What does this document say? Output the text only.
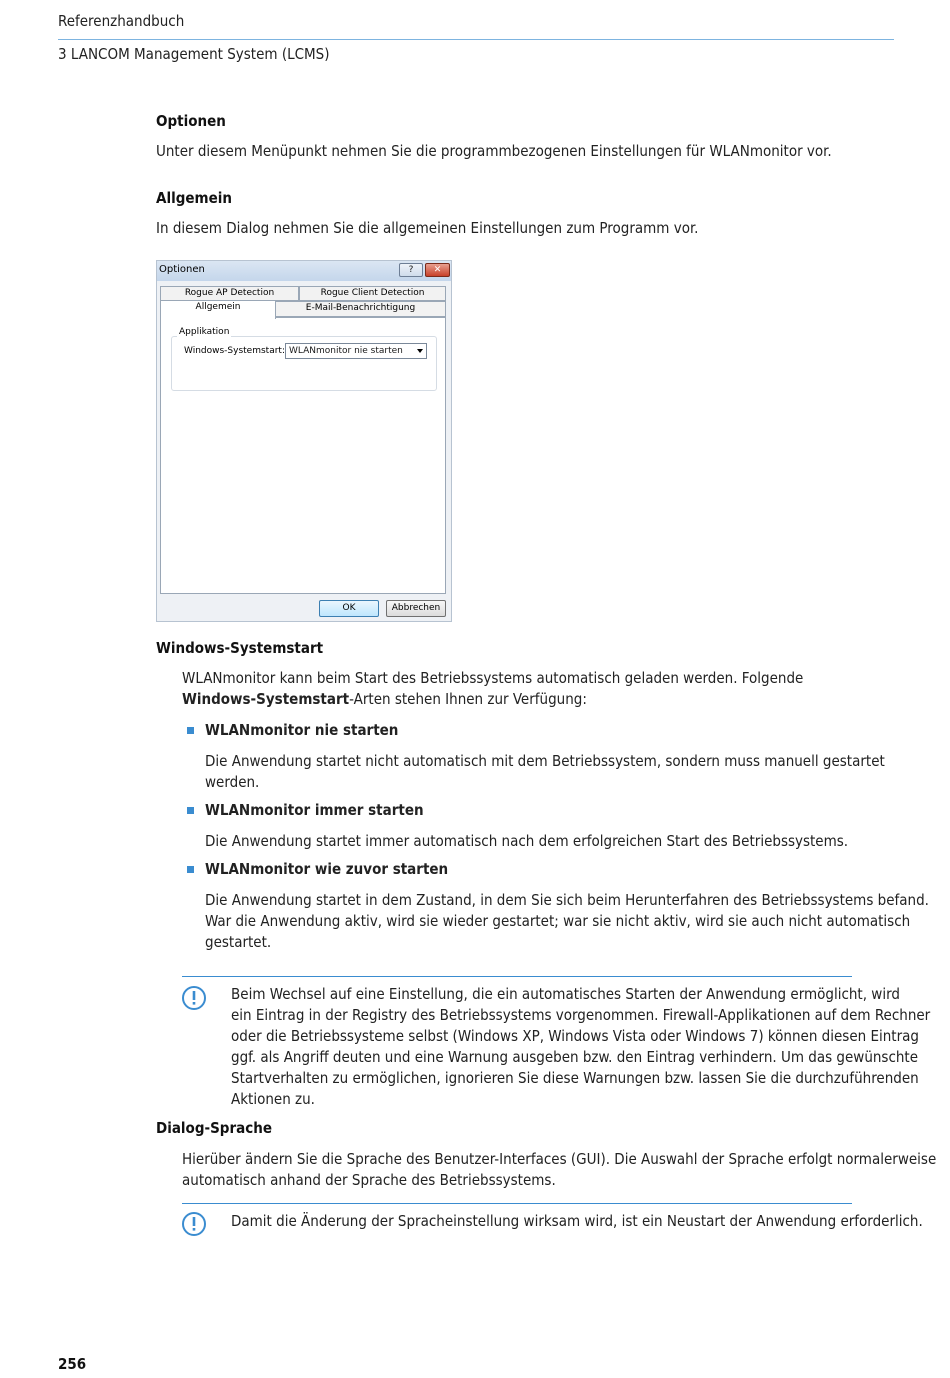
Referenzhandbuch
3 LANCOM Management System (LCMS)
Optionen
Unter diesem Menüpunkt nehmen Sie die programmbezogenen Einstellungen für WLANmonitor vor.
Allgemein
In diesem Dialog nehmen Sie die allgemeinen Einstellungen zum Programm vor.
Optionen	?	✕
Rogue AP Detection	Rogue Client Detection
E-Mail-Benachrichtigung
Allgemein
Applikation
Windows-Systemstart: WLANmonitor nie starten
OK	Abbrechen
Windows-Systemstart
WLANmonitor kann beim Start des Betriebssystems automatisch geladen werden. Folgende
Windows-Systemstart-Arten stehen Ihnen zur Verfügung:
WLANmonitor nie starten
Die Anwendung startet nicht automatisch mit dem Betriebssystem, sondern muss manuell gestartet
werden.
WLANmonitor immer starten
Die Anwendung startet immer automatisch nach dem erfolgreichen Start des Betriebssystems.
WLANmonitor wie zuvor starten
Die Anwendung startet in dem Zustand, in dem Sie sich beim Herunterfahren des Betriebssystems befand.
War die Anwendung aktiv, wird sie wieder gestartet; war sie nicht aktiv, wird sie auch nicht automatisch
gestartet.
Beim Wechsel auf eine Einstellung, die ein automatisches Starten der Anwendung ermöglicht, wird
ein Eintrag in der Registry des Betriebssystems vorgenommen. Firewall-Applikationen auf dem Rechner
oder die Betriebssysteme selbst (Windows XP, Windows Vista oder Windows 7) können diesen Eintrag
ggf. als Angriff deuten und eine Warnung ausgeben bzw. den Eintrag verhindern. Um das gewünschte
Startverhalten zu ermöglichen, ignorieren Sie diese Warnungen bzw. lassen Sie die durchzuführenden
Aktionen zu.
Dialog-Sprache
Hierüber ändern Sie die Sprache des Benutzer-Interfaces (GUI). Die Auswahl der Sprache erfolgt normalerweise
automatisch anhand der Sprache des Betriebssystems.
Damit die Änderung der Spracheinstellung wirksam wird, ist ein Neustart der Anwendung erforderlich.
256
